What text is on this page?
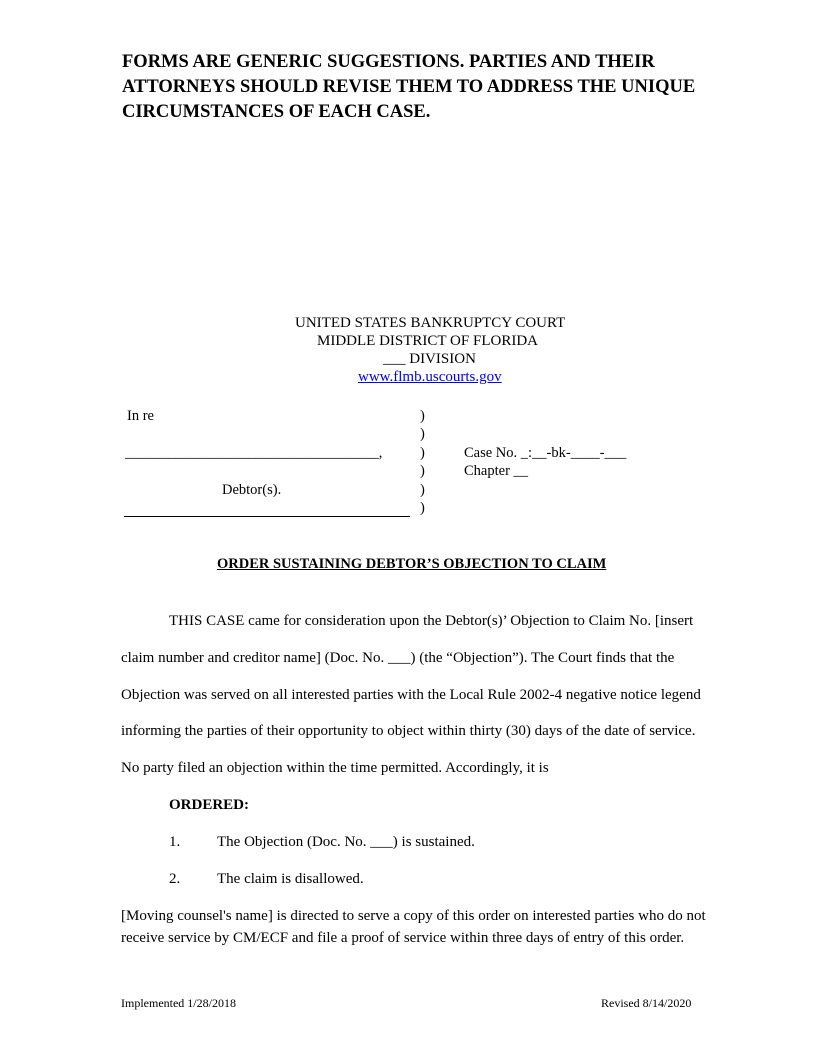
FORMS ARE GENERIC SUGGESTIONS. PARTIES AND THEIR
ATTORNEYS SHOULD REVISE THEM TO ADDRESS THE UNIQUE
CIRCUMSTANCES OF EACH CASE.
UNITED STATES BANKRUPTCY COURT
MIDDLE DISTRICT OF FLORIDA
___ DIVISION
www.flmb.uscourts.gov
In re
___________________________________,
Debtor(s).
)
)
)
)
)
)
Case No. _:__-bk-____-___
Chapter __
ORDER SUSTAINING DEBTOR’S OBJECTION TO CLAIM
THIS CASE came for consideration upon the Debtor(s)’ Objection to Claim No. [insert
claim number and creditor name] (Doc. No. ___) (the “Objection”). The Court finds that the
Objection was served on all interested parties with the Local Rule 2002-4 negative notice legend
informing the parties of their opportunity to object within thirty (30) days of the date of service.
No party filed an objection within the time permitted. Accordingly, it is
ORDERED:
1. The Objection (Doc. No. ___) is sustained.
2. The claim is disallowed.
[Moving counsel's name] is directed to serve a copy of this order on interested parties who do not
receive service by CM/ECF and file a proof of service within three days of entry of this order.
Implemented 1/28/2018	Revised 8/14/2020
